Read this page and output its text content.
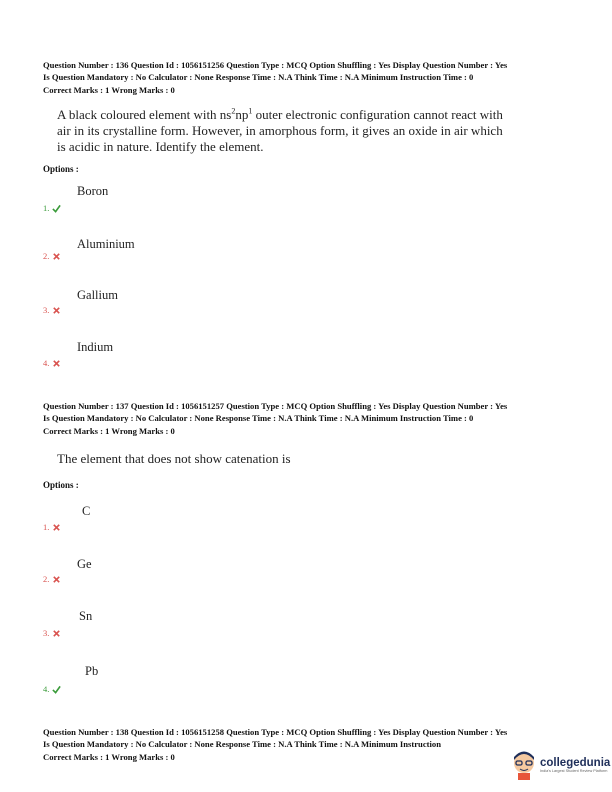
Question Number : 136 Question Id : 1056151256 Question Type : MCQ Option Shuffling : Yes Display Question Number : Yes
Is Question Mandatory : No Calculator : None Response Time : N.A Think Time : N.A Minimum Instruction Time : 0
Correct Marks : 1 Wrong Marks : 0
A black coloured element with $ns^2np^1$ outer electronic configuration cannot react with
air in its crystalline form. However, in amorphous form, it gives an oxide in air which
is acidic in nature. Identify the element.
Options :
Boron
1.
Aluminium
2.
Gallium
3.
Indium
4.
Question Number : 137 Question Id : 1056151257 Question Type : MCQ Option Shuffling : Yes Display Question Number : Yes
Is Question Mandatory : No Calculator : None Response Time : N.A Think Time : N.A Minimum Instruction Time : 0
Correct Marks : 1 Wrong Marks : 0
The element that does not show catenation is
Options :
C
1.
Ge
2.
Sn
3.
Pb
4.
Question Number : 138 Question Id : 1056151258 Question Type : MCQ Option Shuffling : Yes Display Question Number : Yes
Is Question Mandatory : No Calculator : None Response Time : N.A Think Time : N.A Minimum Instruction
Correct Marks : 1 Wrong Marks : 0	collegedunia
India's Largest Student Review Platform
